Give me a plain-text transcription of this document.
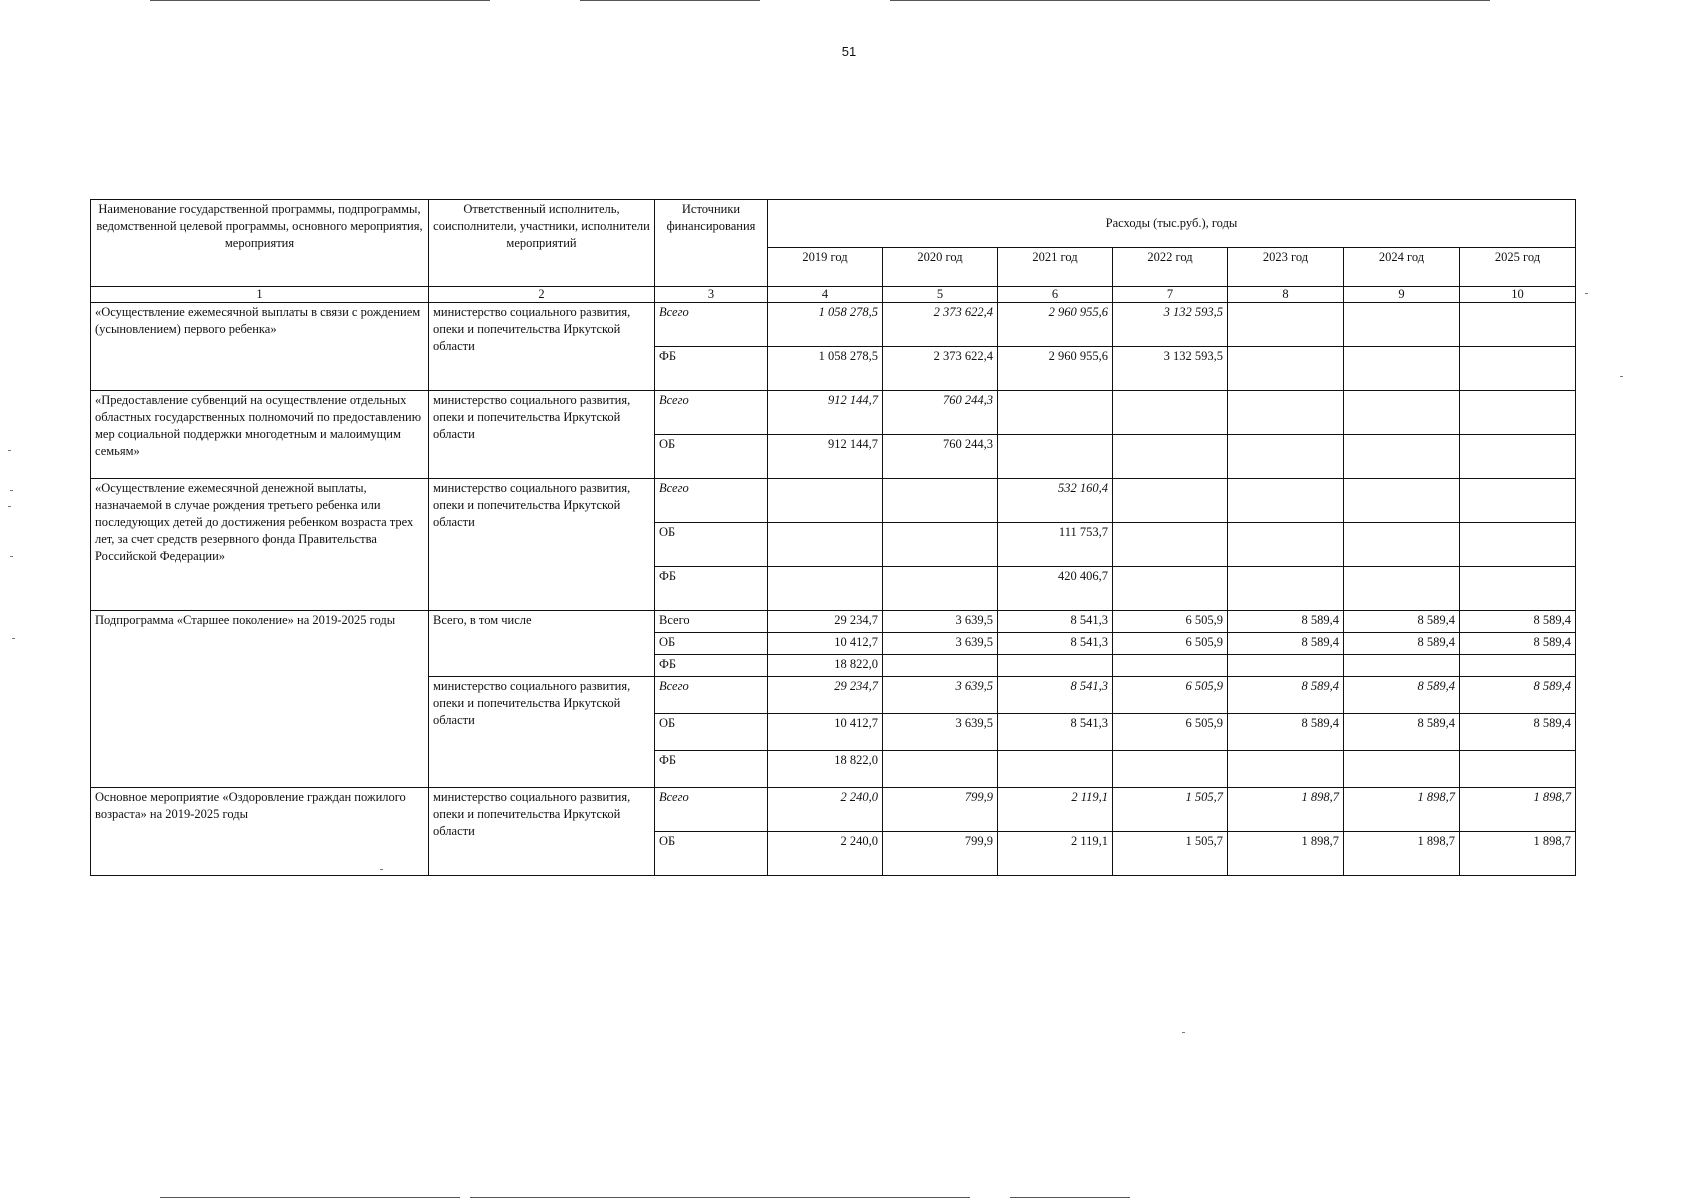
51
Наименование государственной программы, подпрограммы, ведомственной целевой программы, основного мероприятия, мероприятия	Ответственный исполнитель, соисполнители, участники, исполнители мероприятий	Источники финансирования	Расходы (тыс.руб.), годы						
			2019 год	2020 год	2021 год	2022 год	2023 год	2024 год	2025 год
1	2	3	4	5	6	7	8	9	10
«Осуществление ежемесячной выплаты в связи с рождением (усыновлением) первого ребенка»	министерство социального развития, опеки и попечительства Иркутской области	Всего	1 058 278,5	2 373 622,4	2 960 955,6	3 132 593,5			
		ФБ	1 058 278,5	2 373 622,4	2 960 955,6	3 132 593,5			
«Предоставление субвенций на осуществление отдельных областных государственных полномочий по предоставлению мер социальной поддержки многодетным и малоимущим семьям»	министерство социального развития, опеки и попечительства Иркутской области	Всего	912 144,7	760 244,3					
		ОБ	912 144,7	760 244,3					
«Осуществление ежемесячной денежной выплаты, назначаемой в случае рождения третьего ребенка или последующих детей до достижения ребенком возраста трех лет, за счет средств резервного фонда Правительства Российской Федерации»	министерство социального развития, опеки и попечительства Иркутской области	Всего			532 160,4				
		ОБ			111 753,7				
		ФБ			420 406,7				
Подпрограмма «Старшее поколение» на 2019-2025 годы	Всего, в том числе	Всего	29 234,7	3 639,5	8 541,3	6 505,9	8 589,4	8 589,4	8 589,4
		ОБ	10 412,7	3 639,5	8 541,3	6 505,9	8 589,4	8 589,4	8 589,4
		ФБ	18 822,0						
	министерство социального развития, опеки и попечительства Иркутской области	Всего	29 234,7	3 639,5	8 541,3	6 505,9	8 589,4	8 589,4	8 589,4
		ОБ	10 412,7	3 639,5	8 541,3	6 505,9	8 589,4	8 589,4	8 589,4
		ФБ	18 822,0						
Основное мероприятие «Оздоровление граждан пожилого возраста» на 2019-2025 годы	министерство социального развития, опеки и попечительства Иркутской области	Всего	2 240,0	799,9	2 119,1	1 505,7	1 898,7	1 898,7	1 898,7
		ОБ	2 240,0	799,9	2 119,1	1 505,7	1 898,7	1 898,7	1 898,7
